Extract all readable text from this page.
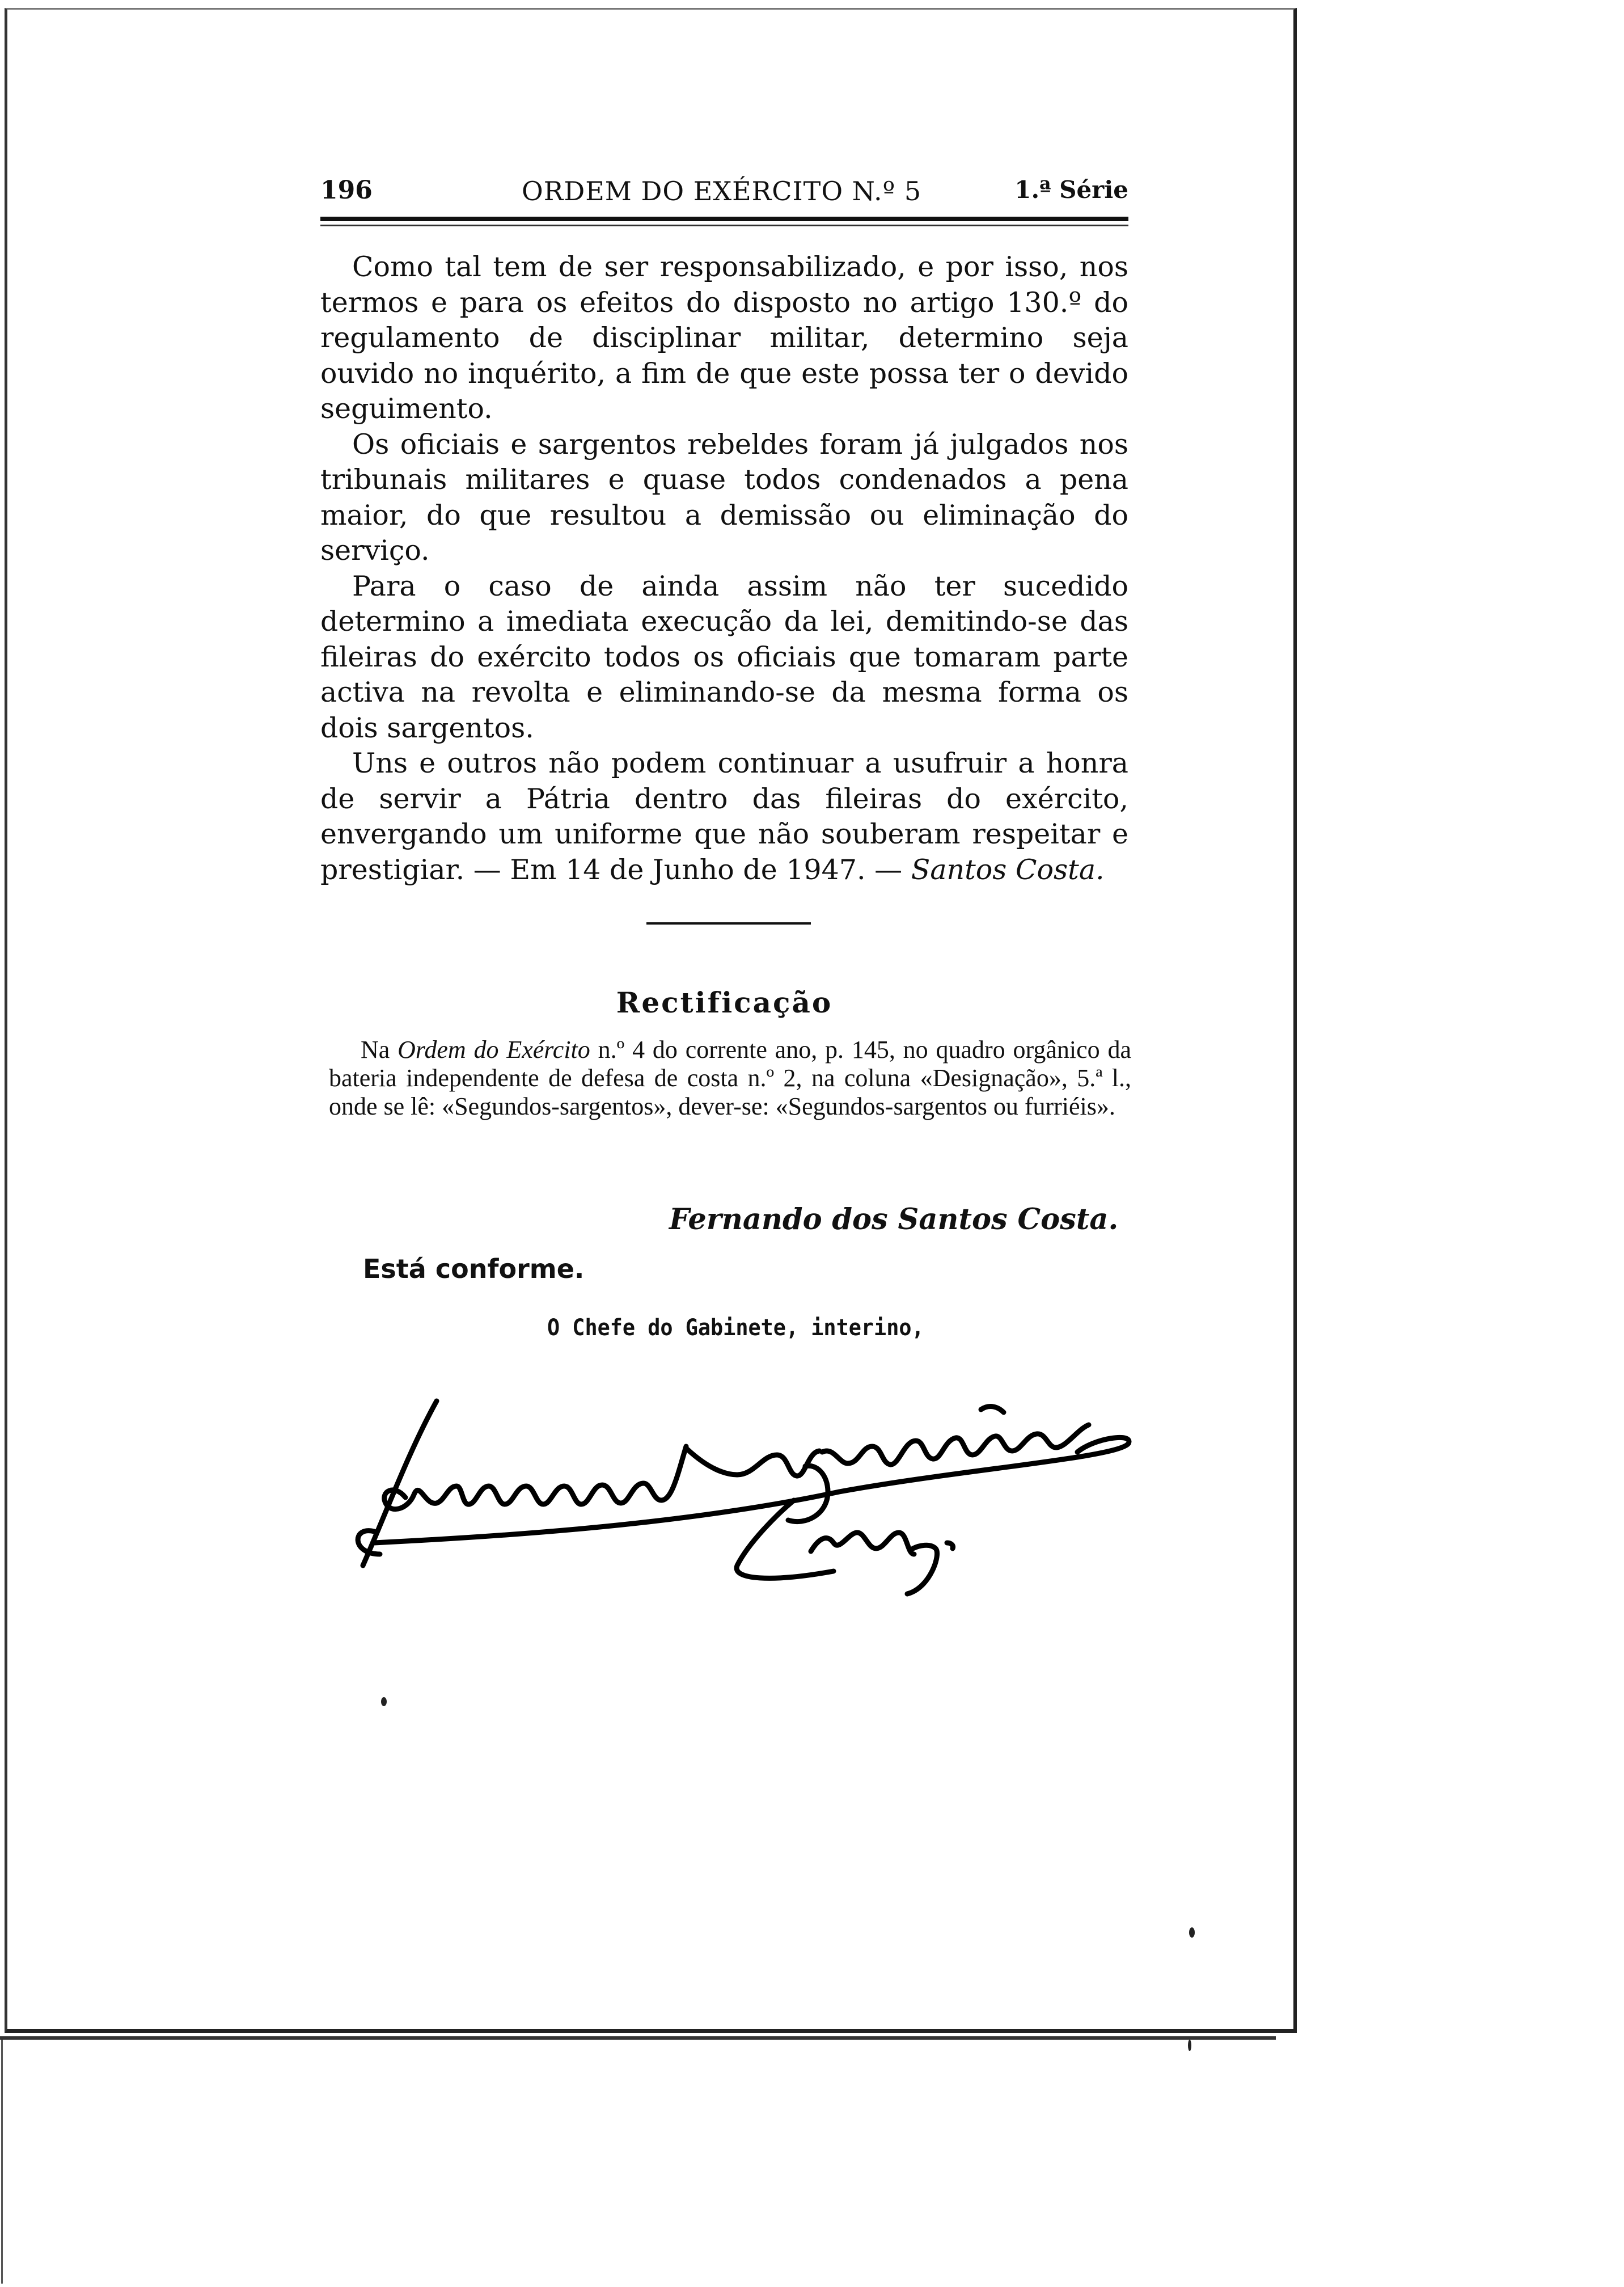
196	ORDEM DO EXÉRCITO N.º 5	1.ª Série

Como tal tem de ser responsabilizado, e por isso, nos termos e para os efeitos do disposto no artigo 130.º do regulamento de disciplinar militar, determino seja ouvido no inquérito, a fim de que este possa ter o devido seguimento.

Os oficiais e sargentos rebeldes foram já julgados nos tribunais militares e quase todos condenados a pena maior, do que resultou a demissão ou eliminação do serviço.

Para o caso de ainda assim não ter sucedido determino a imediata execução da lei, demitindo-se das fileiras do exército todos os oficiais que tomaram parte activa na revolta e eliminando-se da mesma forma os dois sargentos.

Uns e outros não podem continuar a usufruir a honra de servir a Pátria dentro das fileiras do exército, envergando um uniforme que não souberam respeitar e prestigiar. — Em 14 de Junho de 1947. — Santos Costa.

Rectificação

Na Ordem do Exército n.º 4 do corrente ano, p. 145, no quadro orgânico da bateria independente de defesa de costa n.º 2, na coluna «Designação», 5.ª l., onde se lê: «Segundos-sargentos», dever-se: «Segundos-sargentos ou furriéis».

Fernando dos Santos Costa.
Está conforme.
O Chefe do Gabinete, interino,
